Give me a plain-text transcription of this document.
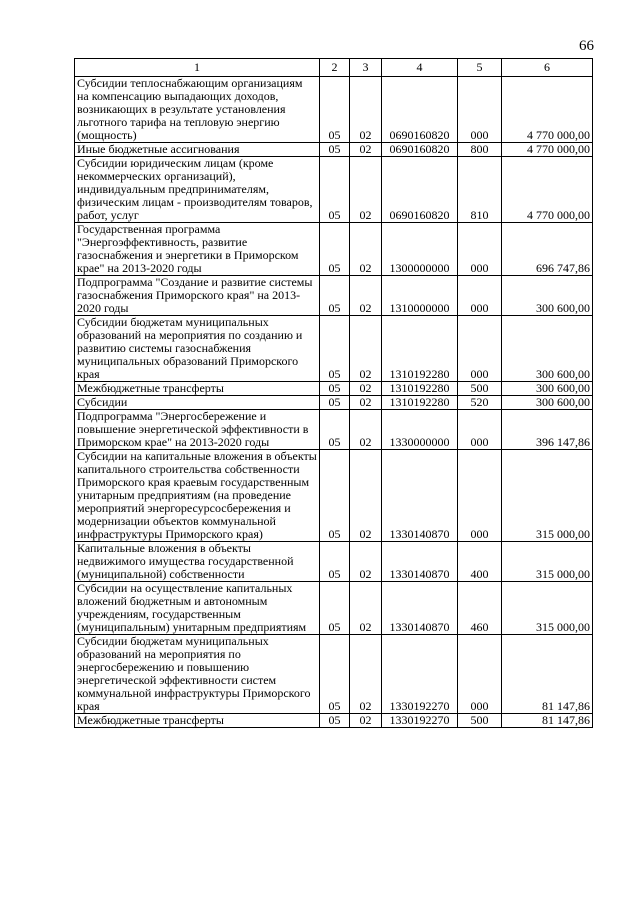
66
1	2	3	4	5	6
Субсидии теплоснабжающим организациям на компенсацию выпадающих доходов, возникающих в результате установления льготного тарифа на тепловую энергию (мощность)	05	02	0690160820	000	4 770 000,00
Иные бюджетные ассигнования	05	02	0690160820	800	4 770 000,00
Субсидии юридическим лицам (кроме некоммерческих организаций), индивидуальным предпринимателям, физическим лицам - производителям товаров, работ, услуг	05	02	0690160820	810	4 770 000,00
Государственная программа "Энергоэффективность, развитие газоснабжения и энергетики в Приморском крае" на 2013-2020 годы	05	02	1300000000	000	696 747,86
Подпрограмма "Создание и развитие системы газоснабжения Приморского края" на 2013-2020 годы	05	02	1310000000	000	300 600,00
Субсидии бюджетам муниципальных образований на мероприятия по созданию и развитию системы газоснабжения муниципальных образований Приморского края	05	02	1310192280	000	300 600,00
Межбюджетные трансферты	05	02	1310192280	500	300 600,00
Субсидии	05	02	1310192280	520	300 600,00
Подпрограмма "Энергосбережение и повышение энергетической эффективности в Приморском крае" на 2013-2020 годы	05	02	1330000000	000	396 147,86
Субсидии на капитальные вложения в объекты капитального строительства собственности Приморского края краевым государственным унитарным предприятиям (на проведение мероприятий энергоресурсосбережения и модернизации объектов коммунальной инфраструктуры Приморского края)	05	02	1330140870	000	315 000,00
Капитальные вложения в объекты недвижимого имущества государственной (муниципальной) собственности	05	02	1330140870	400	315 000,00
Субсидии на осуществление капитальных вложений бюджетным и автономным учреждениям, государственным (муниципальным) унитарным предприятиям	05	02	1330140870	460	315 000,00
Субсидии бюджетам муниципальных образований на мероприятия по энергосбережению и повышению энергетической эффективности систем коммунальной инфраструктуры Приморского края	05	02	1330192270	000	81 147,86
Межбюджетные трансферты	05	02	1330192270	500	81 147,86
